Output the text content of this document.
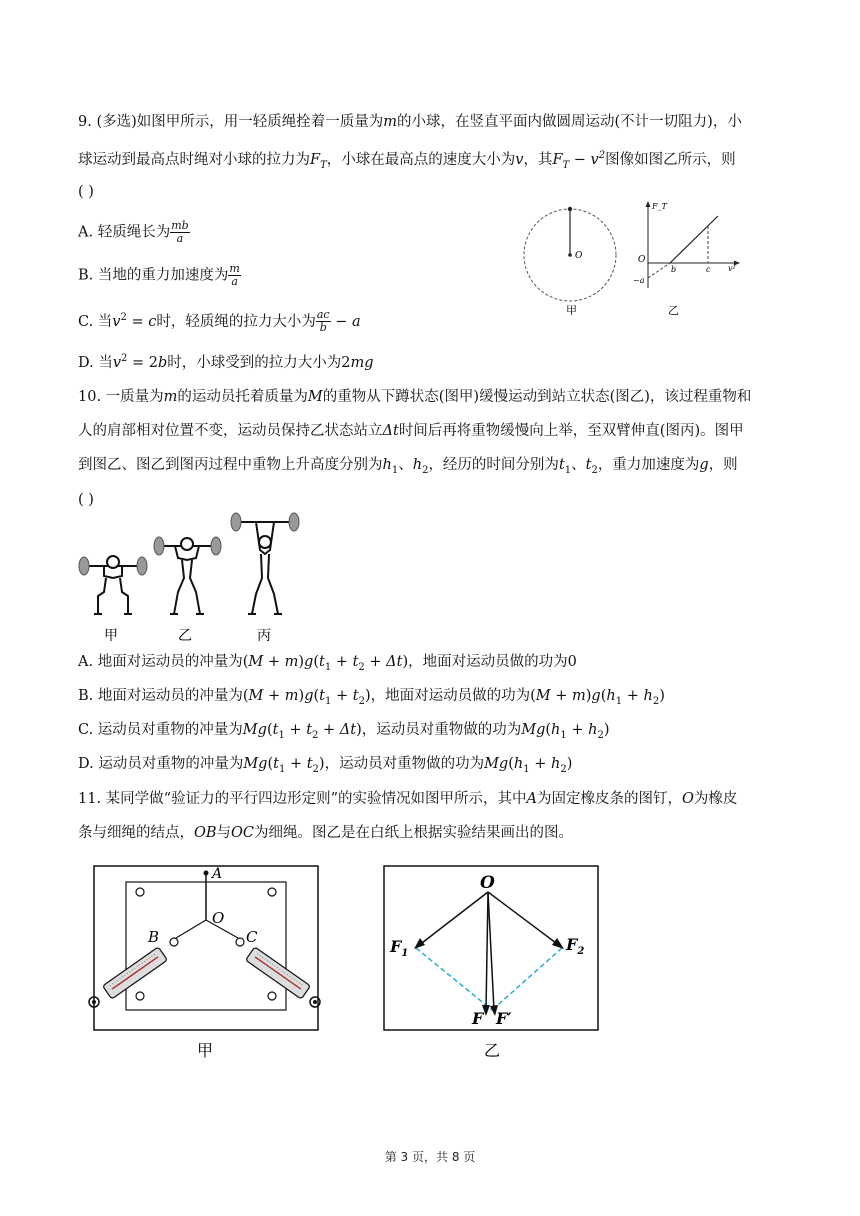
9. (多选)如图甲所示，用一轻质绳拴着一质量为m的小球，在竖直平面内做圆周运动(不计一切阻力)，小
球运动到最高点时绳对小球的拉力为$F_T$，小球在最高点的速度大小为v，其$F_T - v^2$图像如图乙所示，则
( )
A. 轻质绳长为 $\frac{mb}{a}$
B. 当地的重力加速度为 $\frac{m}{a}$
C. 当$v^2 = c$时，轻质绳的拉力大小为 $\frac{ac}{b} - a$
D. 当$v^2 = 2b$时，小球受到的拉力大小为2mg
O
甲
F_T
v²
O
b	c
−a
乙
10. 一质量为m的运动员托着质量为M的重物从下蹲状态(图甲)缓慢运动到站立状态(图乙)，该过程重物和
人的肩部相对位置不变，运动员保持乙状态站立Δt时间后再将重物缓慢向上举，至双臂伸直(图丙)。图甲
到图乙、图乙到图丙过程中重物上升高度分别为$h_1$、$h_2$，经历的时间分别为$t_1$、$t_2$，重力加速度为g，则
( )
甲	乙	丙
A. 地面对运动员的冲量为$(M + m)g(t_1 + t_2 + \Delta t)$，地面对运动员做的功为0
B. 地面对运动员的冲量为$(M + m)g(t_1 + t_2)$，地面对运动员做的功为$(M + m)g(h_1 + h_2)$
C. 运动员对重物的冲量为$Mg(t_1 + t_2 + \Delta t)$，运动员对重物做的功为$Mg(h_1 + h_2)$
D. 运动员对重物的冲量为$Mg(t_1 + t_2)$，运动员对重物做的功为$Mg(h_1 + h_2)$
11. 某同学做“验证力的平行四边形定则”的实验情况如图甲所示，其中A为固定橡皮条的图钉，O为橡皮
条与细绳的结点，OB与OC为细绳。图乙是在白纸上根据实验结果画出的图。
A
O
B	C
甲
O
$F_1$	$F_2$
F F′
乙
第 3 页，共 8 页
